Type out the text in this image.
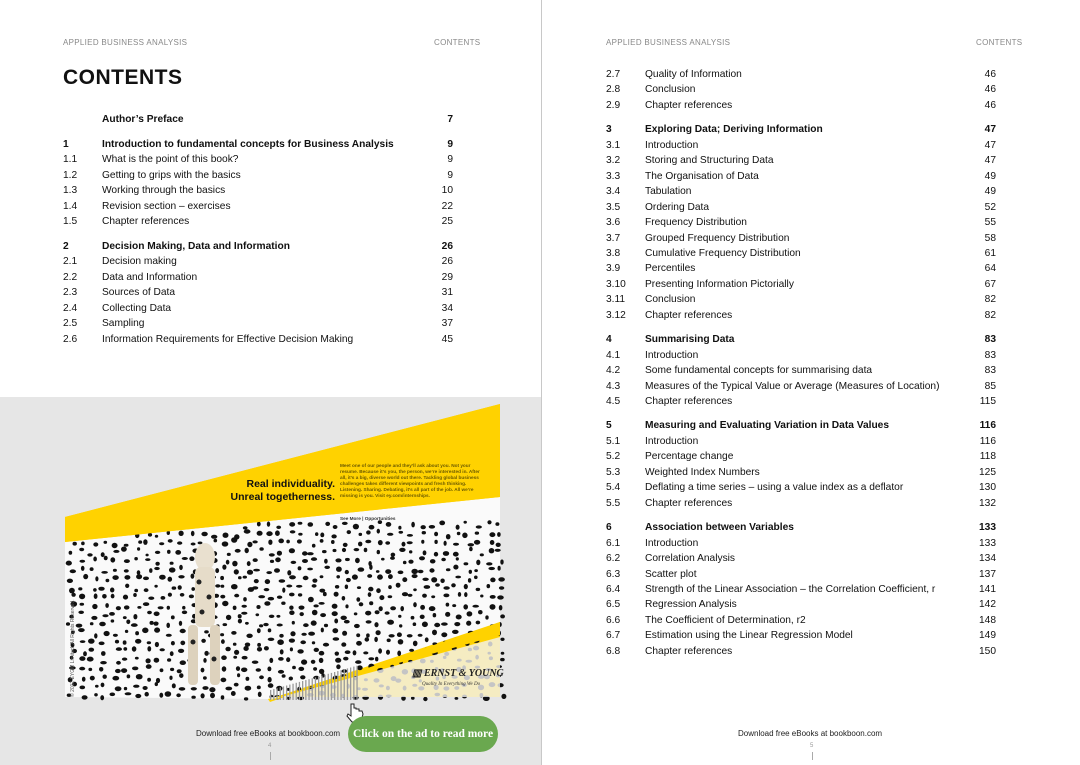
APPLIED BUSINESS ANALYSIS	CONTENTS
CONTENTS
Author’s Preface	7
1	Introduction to fundamental concepts for Business Analysis	9
1.1 What is the point of this book?	9
1.2 Getting to grips with the basics	9
1.3 Working through the basics	10
1.4 Revision section – exercises	22
1.5 Chapter references	25
2	Decision Making, Data and Information	26
2.1 Decision making	26
2.2 Data and Information	29
2.3 Sources of Data	31
2.4 Collecting Data	34
2.5 Sampling	37
2.6 Information Requirements for Effective Decision Making	45
Real individuality.
Unreal togetherness.
Meet one of our people and they’ll ask about you. Not your resume. Because it’s you, the person, we’re interested in. After all, it’s a big, diverse world out there. Tackling global business challenges takes different viewpoints and fresh thinking. Listening. Sharing. Debating, it’s all part of the job. All we’re missing is you. Visit ey.com/internships.
See More | Opportunities
▥ ERNST & YOUNG
Quality In Everything We Do
© 2012 EYGM Limited. All Rights Reserved.
Click on the ad to read more
Download free eBooks at bookboon.com
4
APPLIED BUSINESS ANALYSIS	CONTENTS
2.7 Quality of Information	46
2.8 Conclusion	46
2.9 Chapter references	46
3	Exploring Data; Deriving Information	47
3.1 Introduction	47
3.2 Storing and Structuring Data	47
3.3 The Organisation of Data	49
3.4 Tabulation	49
3.5 Ordering Data	52
3.6 Frequency Distribution	55
3.7 Grouped Frequency Distribution	58
3.8 Cumulative Frequency Distribution	61
3.9 Percentiles	64
3.10 Presenting Information Pictorially	67
3.11 Conclusion	82
3.12 Chapter references	82
4	Summarising Data	83
4.1 Introduction	83
4.2 Some fundamental concepts for summarising data	83
4.3 Measures of the Typical Value or Average (Measures of Location)	85
4.5 Chapter references	115
5	Measuring and Evaluating Variation in Data Values	116
5.1 Introduction	116
5.2 Percentage change	118
5.3 Weighted Index Numbers	125
5.4 Deflating a time series – using a value index as a deflator	130
5.5 Chapter references	132
6	Association between Variables	133
6.1 Introduction	133
6.2 Correlation Analysis	134
6.3 Scatter plot	137
6.4 Strength of the Linear Association – the Correlation Coefficient, r	141
6.5 Regression Analysis	142
6.6 The Coefficient of Determination, r2	148
6.7 Estimation using the Linear Regression Model	149
6.8 Chapter references	150
Download free eBooks at bookboon.com
5
